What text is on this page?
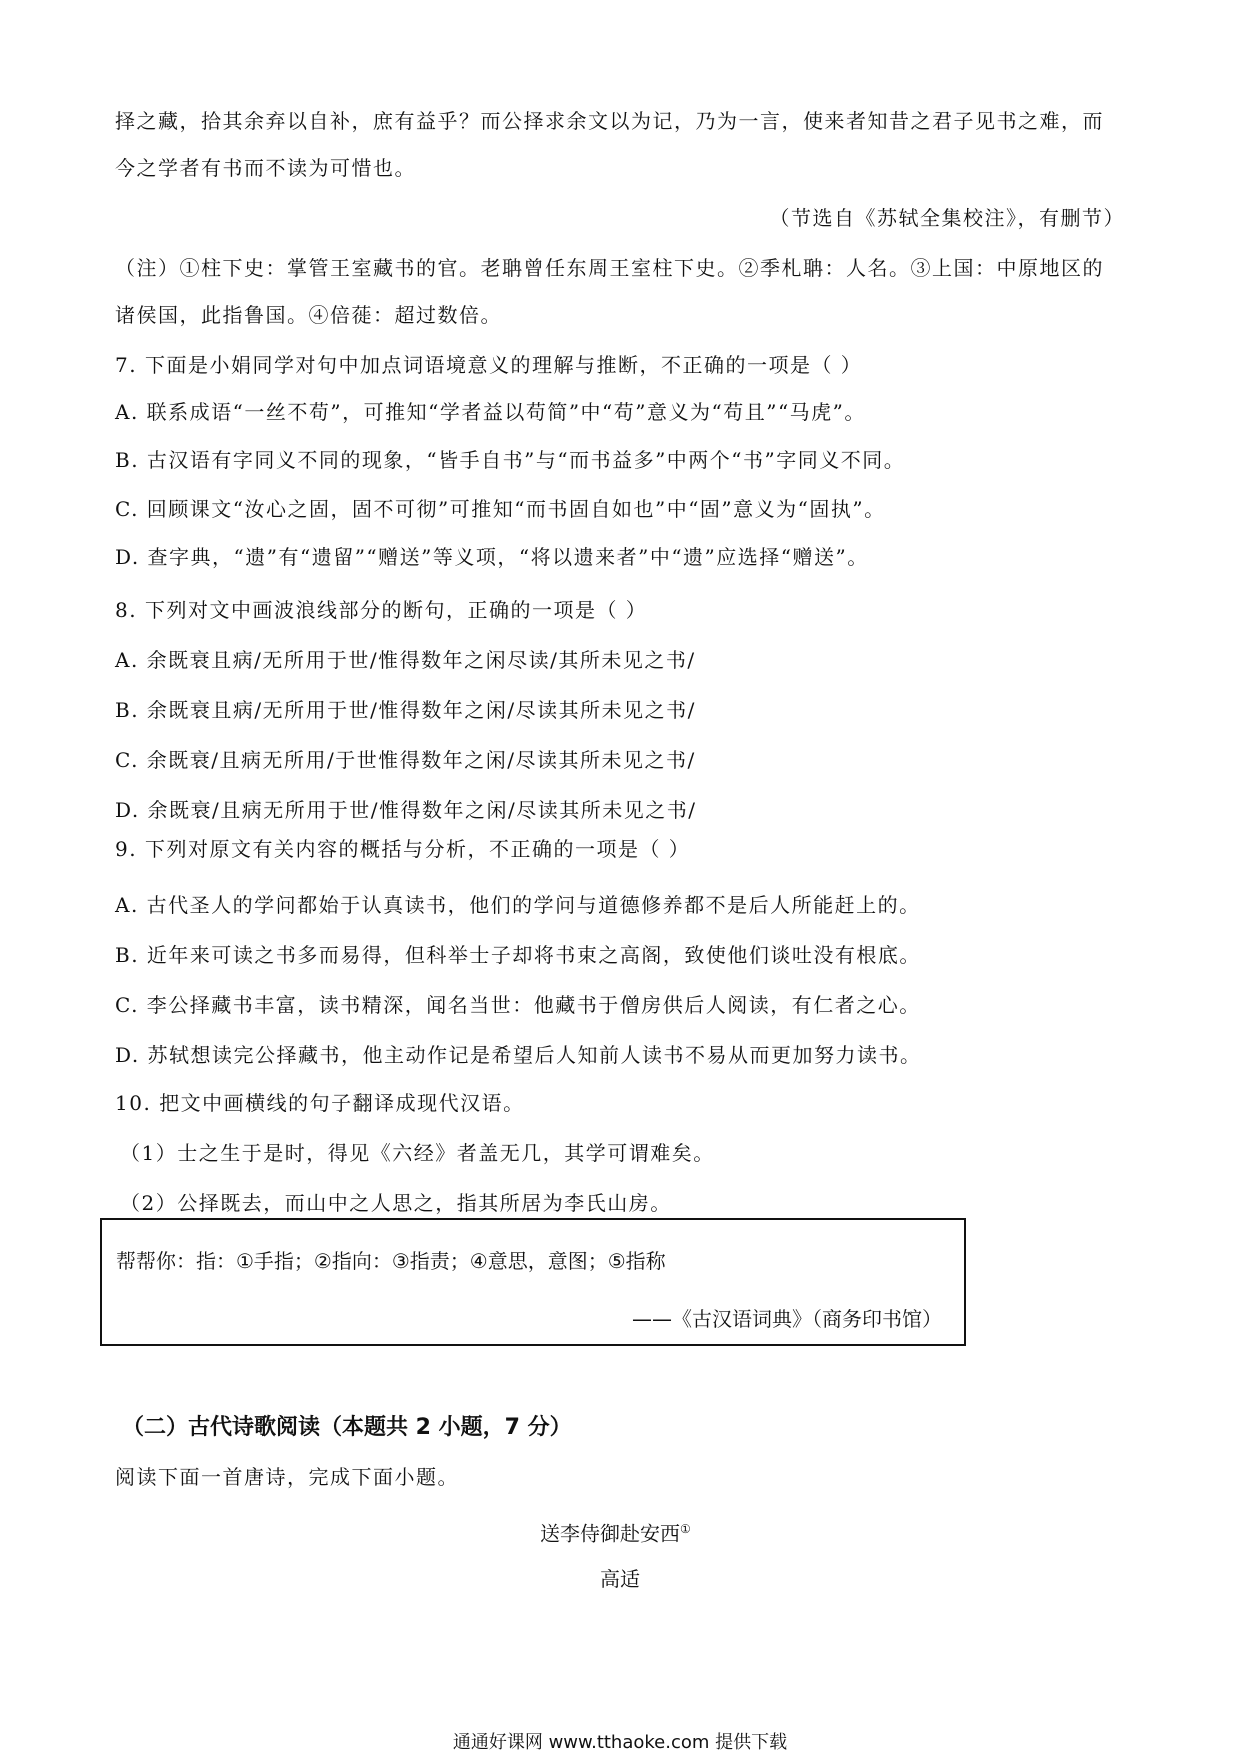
择之藏，拾其余弃以自补，庶有益乎？而公择求余文以为记，乃为一言，使来者知昔之君子见书之难，而
今之学者有书而不读为可惜也。
（节选自《苏轼全集校注》，有删节）
（注）①柱下史：掌管王室藏书的官。老聃曾任东周王室柱下史。②季札聃：人名。③上国：中原地区的
诸侯国，此指鲁国。④倍蓰：超过数倍。
7. 下面是小娟同学对句中加点词语境意义的理解与推断，不正确的一项是（ ）
A. 联系成语“一丝不苟”，可推知“学者益以苟简”中“苟”意义为“苟且”“马虎”。
B. 古汉语有字同义不同的现象，“皆手自书”与“而书益多”中两个“书”字同义不同。
C. 回顾课文“汝心之固，固不可彻”可推知“而书固自如也”中“固”意义为“固执”。
D. 查字典，“遗”有“遗留”“赠送”等义项，“将以遗来者”中“遗”应选择“赠送”。
8. 下列对文中画波浪线部分的断句，正确的一项是（ ）
A. 余既衰且病/无所用于世/惟得数年之闲尽读/其所未见之书/
B. 余既衰且病/无所用于世/惟得数年之闲/尽读其所未见之书/
C. 余既衰/且病无所用/于世惟得数年之闲/尽读其所未见之书/
D. 余既衰/且病无所用于世/惟得数年之闲/尽读其所未见之书/
9. 下列对原文有关内容的概括与分析，不正确的一项是（ ）
A. 古代圣人的学问都始于认真读书，他们的学问与道德修养都不是后人所能赶上的。
B. 近年来可读之书多而易得，但科举士子却将书束之高阁，致使他们谈吐没有根底。
C. 李公择藏书丰富，读书精深，闻名当世：他藏书于僧房供后人阅读，有仁者之心。
D. 苏轼想读完公择藏书，他主动作记是希望后人知前人读书不易从而更加努力读书。
10. 把文中画横线的句子翻译成现代汉语。
（1）士之生于是时，得见《六经》者盖无几，其学可谓难矣。
（2）公择既去，而山中之人思之，指其所居为李氏山房。
帮帮你：指：①手指；②指向：③指责；④意思，意图；⑤指称
——《古汉语词典》（商务印书馆）
（二）古代诗歌阅读（本题共 2 小题，7 分）
阅读下面一首唐诗，完成下面小题。
送李侍御赴安西①
高适
通通好课网 www.tthaoke.com 提供下载
